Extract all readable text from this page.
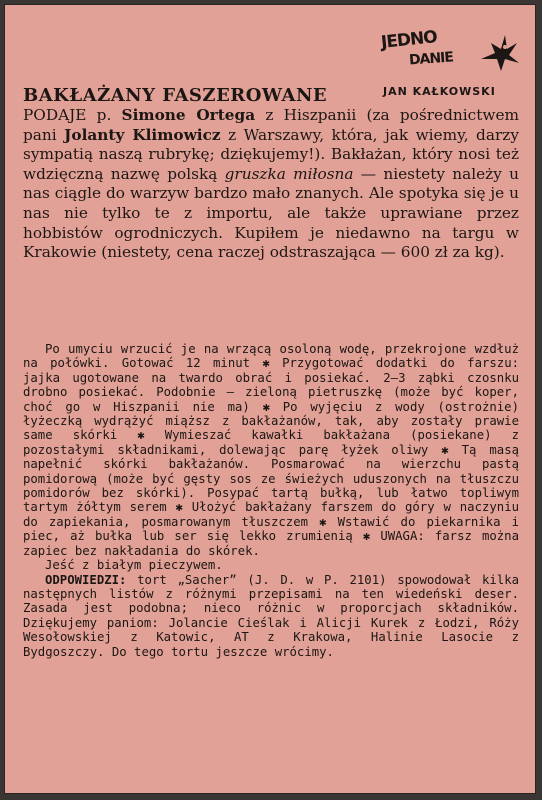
JEDNO
DANIE
JAN KAŁKOWSKI
BAKŁAŻANY FASZEROWANE

PODAJE p. Simone Ortega z Hiszpanii (za pośrednictwem pani Jolanty Klimowicz z Warszawy, która, jak wiemy, darzy sympatią naszą rubrykę; dziękujemy!). Bakłażan, który nosi też wdzięczną nazwę polską gruszka miłosna — niestety należy u nas ciągle do warzyw bardzo mało znanych. Ale spotyka się je u nas nie tylko te z importu, ale także uprawiane przez hobbistów ogrodniczych. Kupiłem je niedawno na targu w Krakowie (niestety, cena raczej odstraszająca — 600 zł za kg).

Po umyciu wrzucić je na wrzącą osoloną wodę, przekrojone wzdłuż na połówki. Gotować 12 minut ✱ Przygotować dodatki do farszu: jajka ugotowane na twardo obrać i posiekać. 2—3 ząbki czosnku drobno posiekać. Podobnie — zieloną pietruszkę (może być koper, choć go w Hiszpanii nie ma) ✱ Po wyjęciu z wody (ostrożnie) łyżeczką wydrążyć miąższ z bakłażanów, tak, aby zostały prawie same skórki ✱ Wymieszać kawałki bakłażana (posiekane) z pozostałymi składnikami, dolewając parę łyżek oliwy ✱ Tą masą napełnić skórki bakłażanów. Posmarować na wierzchu pastą pomidorową (może być gęsty sos ze świeżych uduszonych na tłuszczu pomidorów bez skórki). Posypać tartą bułką, lub łatwo topliwym tartym żółtym serem ✱ Ułożyć bakłażany farszem do góry w naczyniu do zapiekania, posmarowanym tłuszczem ✱ Wstawić do piekarnika i piec, aż bułka lub ser się lekko zrumienią ✱ UWAGA: farsz można zapiec bez nakładania do skórek.

Jeść z białym pieczywem.

ODPOWIEDZI: tort „Sacher” (J. D. w P. 2101) spowodował kilka następnych listów z różnymi przepisami na ten wiedeński deser. Zasada jest podobna; nieco różnic w proporcjach składników. Dziękujemy paniom: Jolancie Cieślak i Alicji Kurek z Łodzi, Róży Wesołowskiej z Katowic, AT z Krakowa, Halinie Lasocie z Bydgoszczy. Do tego tortu jeszcze wrócimy.
